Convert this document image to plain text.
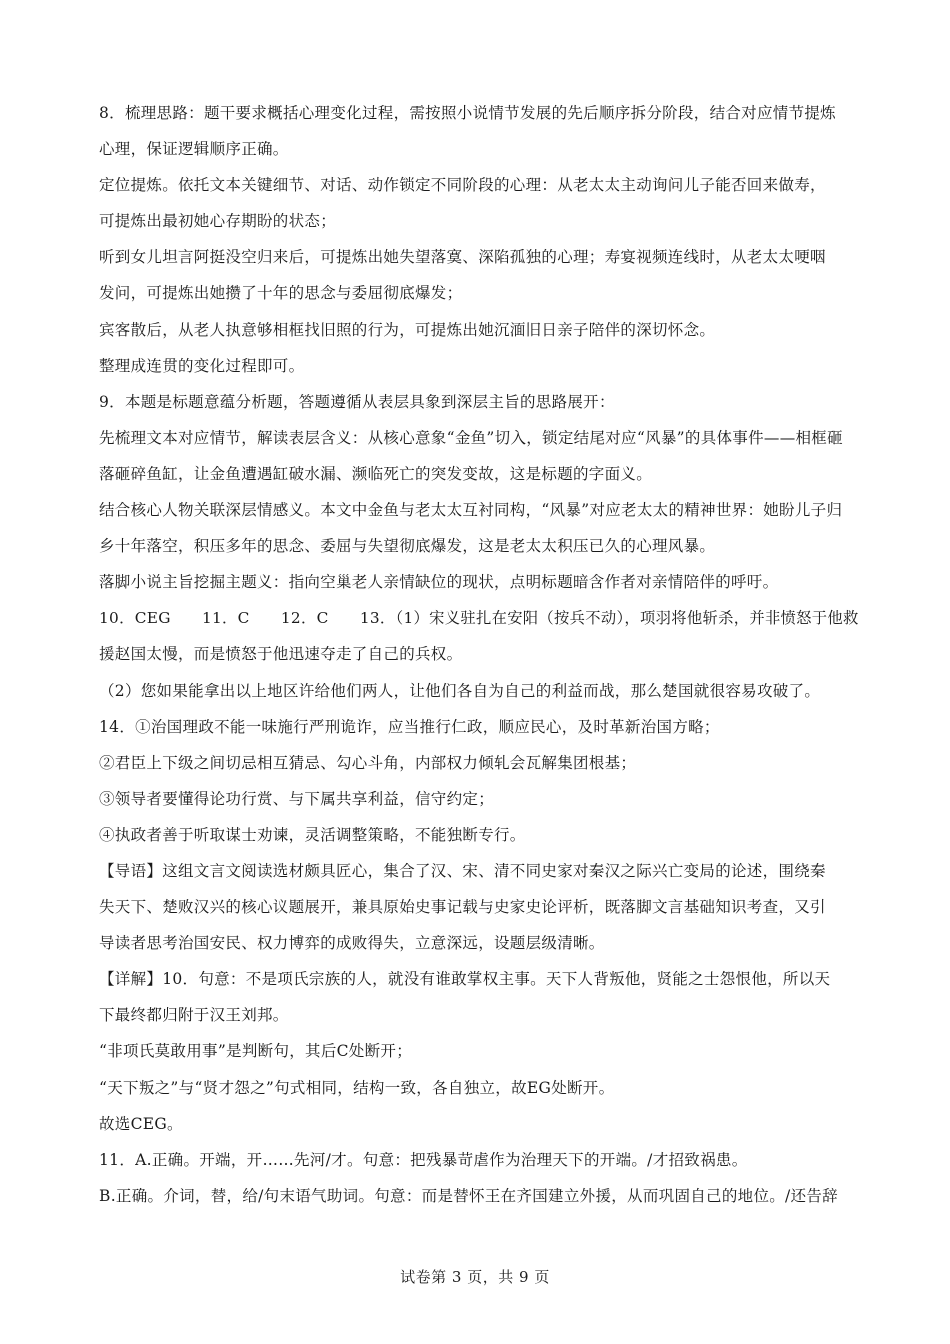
8．梳理思路：题干要求概括心理变化过程，需按照小说情节发展的先后顺序拆分阶段，结合对应情节提炼
心理，保证逻辑顺序正确。
定位提炼。依托文本关键细节、对话、动作锁定不同阶段的心理：从老太太主动询问儿子能否回来做寿，
可提炼出最初她心存期盼的状态；
听到女儿坦言阿挺没空归来后，可提炼出她失望落寞、深陷孤独的心理；寿宴视频连线时，从老太太哽咽
发问，可提炼出她攒了十年的思念与委屈彻底爆发；
宾客散后，从老人执意够相框找旧照的行为，可提炼出她沉湎旧日亲子陪伴的深切怀念。
整理成连贯的变化过程即可。
9．本题是标题意蕴分析题，答题遵循从表层具象到深层主旨的思路展开：
先梳理文本对应情节，解读表层含义：从核心意象“金鱼”切入，锁定结尾对应“风暴”的具体事件——相框砸
落砸碎鱼缸，让金鱼遭遇缸破水漏、濒临死亡的突发变故，这是标题的字面义。
结合核心人物关联深层情感义。本文中金鱼与老太太互衬同构，“风暴”对应老太太的精神世界：她盼儿子归
乡十年落空，积压多年的思念、委屈与失望彻底爆发，这是老太太积压已久的心理风暴。
落脚小说主旨挖掘主题义：指向空巢老人亲情缺位的现状，点明标题暗含作者对亲情陪伴的呼吁。
10．CEG　　11．C　　12．C　　13．（1）宋义驻扎在安阳（按兵不动），项羽将他斩杀，并非愤怒于他救
援赵国太慢，而是愤怒于他迅速夺走了自己的兵权。
（2）您如果能拿出以上地区许给他们两人，让他们各自为自己的利益而战，那么楚国就很容易攻破了。
14．①治国理政不能一味施行严刑诡诈，应当推行仁政，顺应民心，及时革新治国方略；
②君臣上下级之间切忌相互猜忌、勾心斗角，内部权力倾轧会瓦解集团根基；
③领导者要懂得论功行赏、与下属共享利益，信守约定；
④执政者善于听取谋士劝谏，灵活调整策略，不能独断专行。
【导语】这组文言文阅读选材颇具匠心，集合了汉、宋、清不同史家对秦汉之际兴亡变局的论述，围绕秦
失天下、楚败汉兴的核心议题展开，兼具原始史事记载与史家史论评析，既落脚文言基础知识考查，又引
导读者思考治国安民、权力博弈的成败得失，立意深远，设题层级清晰。
【详解】10．句意：不是项氏宗族的人，就没有谁敢掌权主事。天下人背叛他，贤能之士怨恨他，所以天
下最终都归附于汉王刘邦。
“非项氏莫敢用事”是判断句，其后C处断开；
“天下叛之”与“贤才怨之”句式相同，结构一致，各自独立，故EG处断开。
故选CEG。
11．A.正确。开端，开……先河/才。句意：把残暴苛虐作为治理天下的开端。/才招致祸患。
B.正确。介词，替，给/句末语气助词。句意：而是替怀王在齐国建立外援，从而巩固自己的地位。/还告辞
试卷第 3 页，共 9 页
